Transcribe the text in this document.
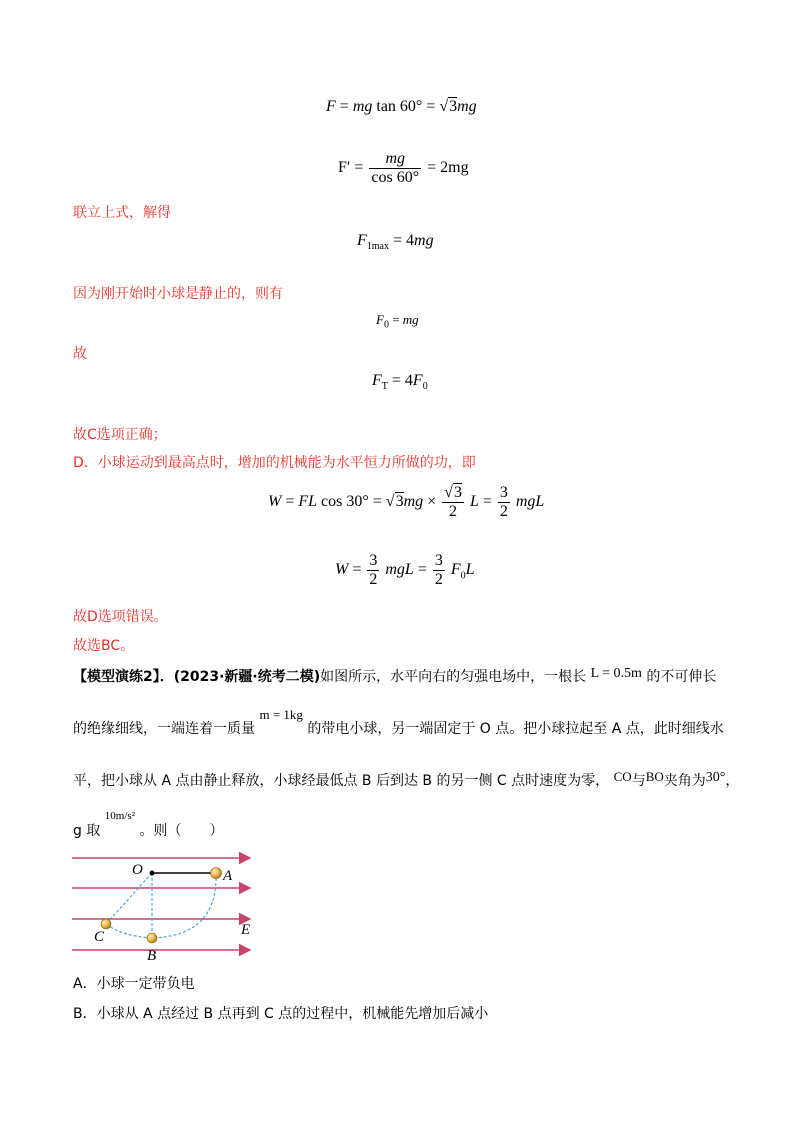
F = mg tan 60° = √3mg
$F' = \frac{mg}{\cos 60^\circ} = 2mg$
联立上式，解得
$F_{1max} = 4mg$
因为刚开始时小球是静止的，则有
$F_0$ = mg
故
$F_T = 4F_0$
故C选项正确；
D．小球运动到最高点时，增加的机械能为水平恒力所做的功，即
W = FL $\cos 30^\circ = √3mg \times \frac{√3}{2}$ $L = \frac{3}{2}$ mgL
$W = \frac{3}{2}$ mgL = $\frac{3}{2} F_0L$
故D选项错误。
故选BC。
【模型演练2】．(2023·新疆·统考二模)如图所示，水平向右的匀强电场中，一根长 L = 0.5m 的不可伸长
的绝缘细线，一端连着一质量 m = 1kg 的带电小球，另一端固定于 O 点。把小球拉起至 A 点，此时细线水
平，把小球从 A 点由静止释放，小球经最低点 B 后到达 B 的另一侧 C 点时速度为零， CO与BO夹角为30°，
g 取 $^{10m/s^2}$ 。则（　　）
O	A
B
C	E
A．小球一定带负电
B．小球从 A 点经过 B 点再到 C 点的过程中，机械能先增加后减小
